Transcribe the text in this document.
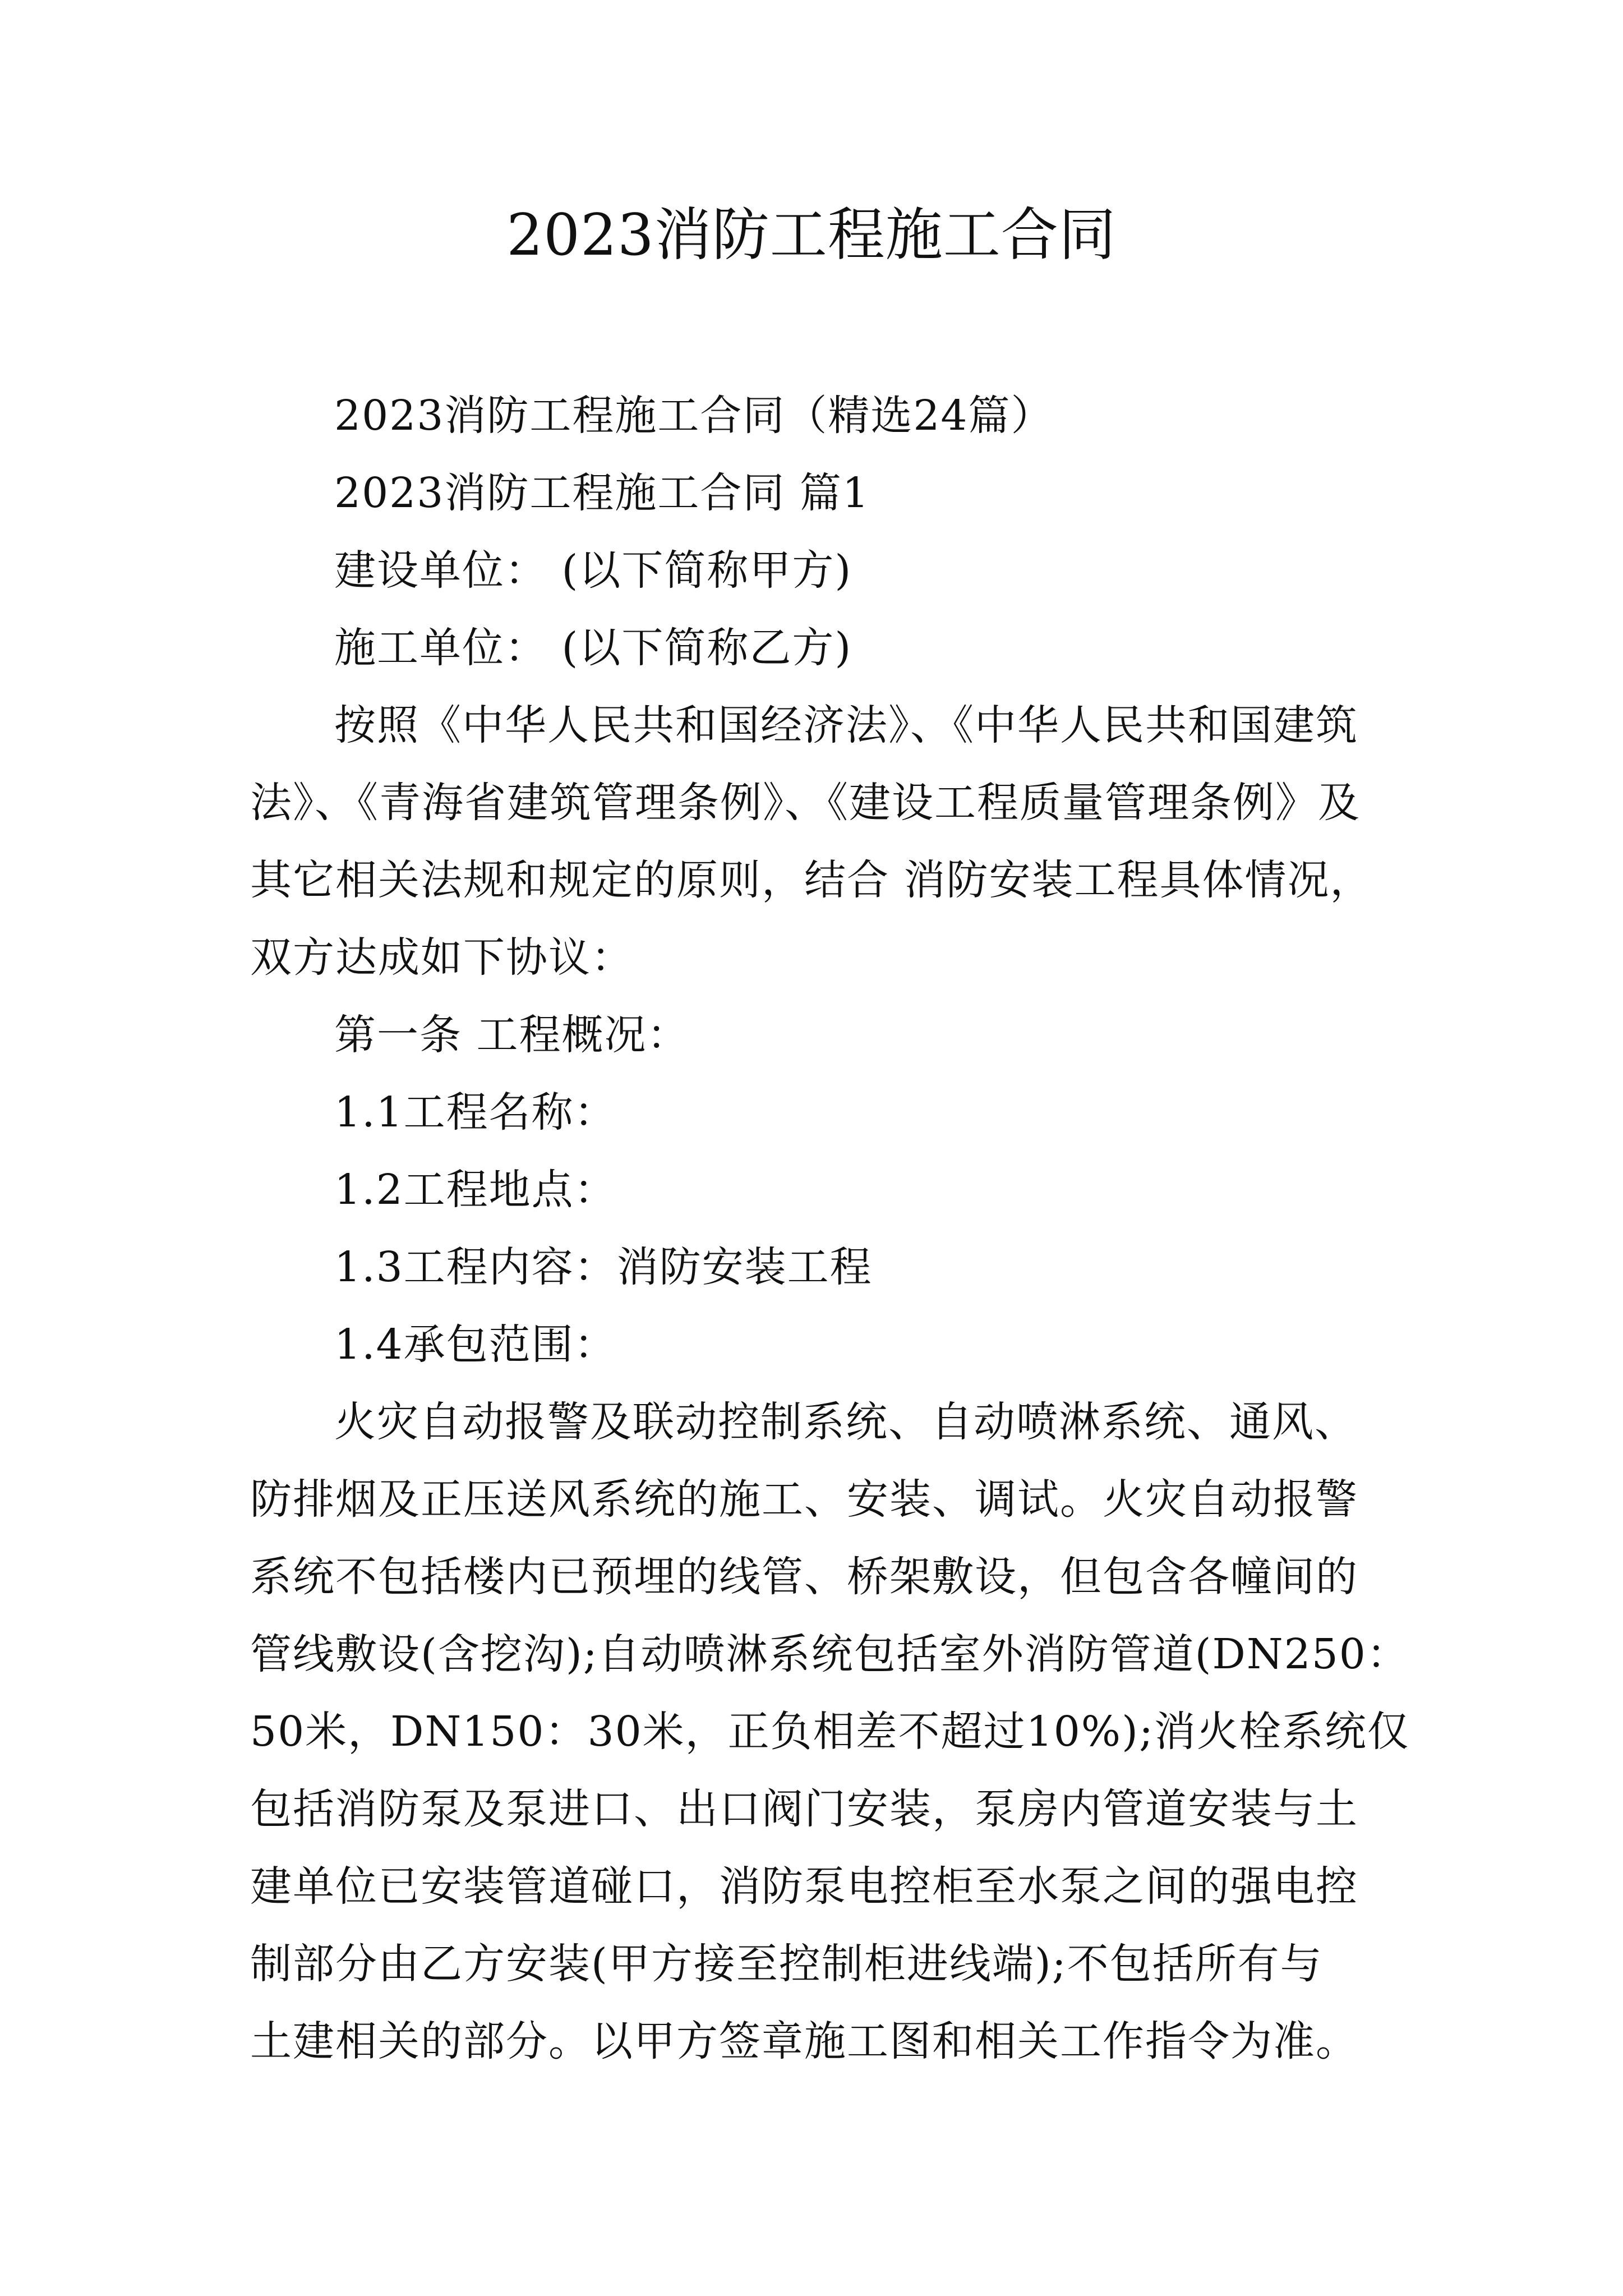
2023消防工程施工合同
2023消防工程施工合同（精选24篇）
2023消防工程施工合同 篇1
建设单位： (以下简称甲方)
施工单位： (以下简称乙方)
按照《中华人民共和国经济法》、《中华人民共和国建筑
法》、《青海省建筑管理条例》、《建设工程质量管理条例》及
其它相关法规和规定的原则，结合 消防安装工程具体情况，
双方达成如下协议：
第一条 工程概况：
1.1工程名称：
1.2工程地点：
1.3工程内容：消防安装工程
1.4承包范围：
火灾自动报警及联动控制系统、自动喷淋系统、通风、
防排烟及正压送风系统的施工、安装、调试。火灾自动报警
系统不包括楼内已预埋的线管、桥架敷设，但包含各幢间的
管线敷设(含挖沟);自动喷淋系统包括室外消防管道(DN250：
50米，DN150：30米，正负相差不超过10%);消火栓系统仅
包括消防泵及泵进口、出口阀门安装，泵房内管道安装与土
建单位已安装管道碰口，消防泵电控柜至水泵之间的强电控
制部分由乙方安装(甲方接至控制柜进线端);不包括所有与
土建相关的部分。以甲方签章施工图和相关工作指令为准。
